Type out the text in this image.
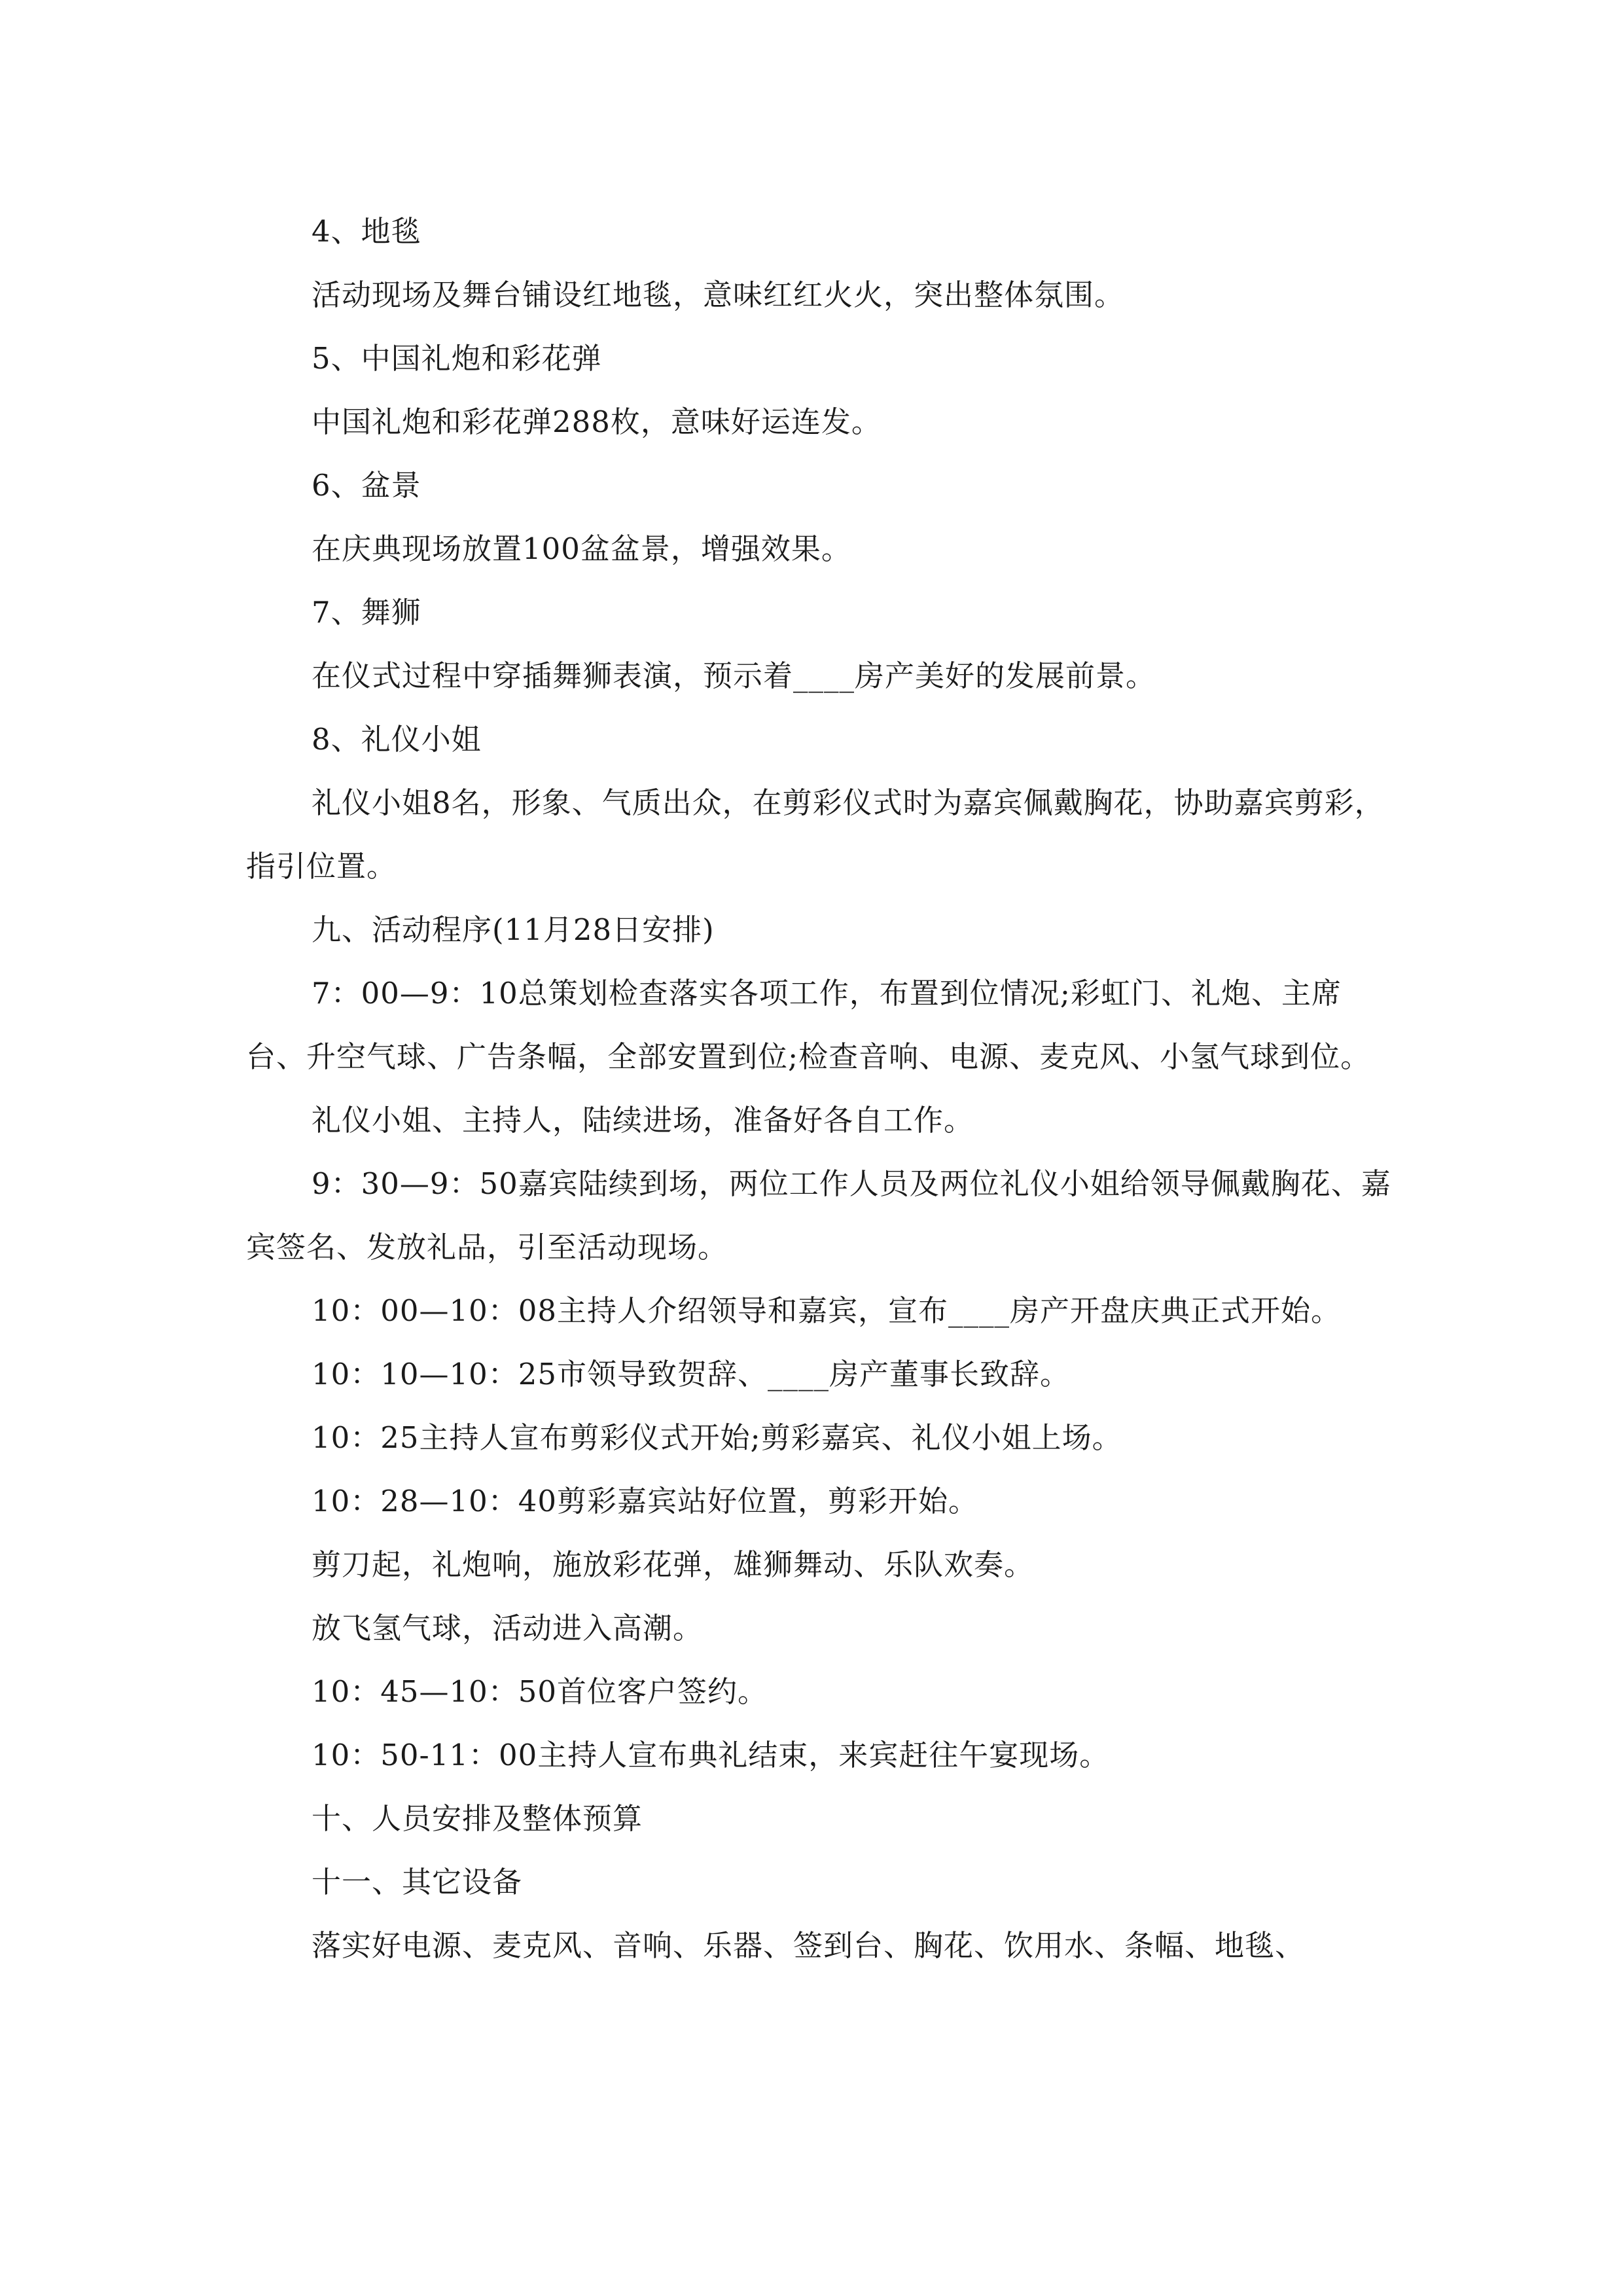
4、地毯

活动现场及舞台铺设红地毯，意味红红火火，突出整体氛围。

5、中国礼炮和彩花弹

中国礼炮和彩花弹288枚，意味好运连发。

6、盆景

在庆典现场放置100盆盆景，增强效果。

7、舞狮

在仪式过程中穿插舞狮表演，预示着____房产美好的发展前景。

8、礼仪小姐

礼仪小姐8名，形象、气质出众，在剪彩仪式时为嘉宾佩戴胸花，协助嘉宾剪彩，指引位置。

九、活动程序(11月28日安排)

7：00—9：10总策划检查落实各项工作，布置到位情况;彩虹门、礼炮、主席台、升空气球、广告条幅，全部安置到位;检查音响、电源、麦克风、小氢气球到位。

礼仪小姐、主持人，陆续进场，准备好各自工作。

9：30—9：50嘉宾陆续到场，两位工作人员及两位礼仪小姐给领导佩戴胸花、嘉宾签名、发放礼品，引至活动现场。

10：00—10：08主持人介绍领导和嘉宾，宣布____房产开盘庆典正式开始。

10：10—10：25市领导致贺辞、____房产董事长致辞。

10：25主持人宣布剪彩仪式开始;剪彩嘉宾、礼仪小姐上场。

10：28—10：40剪彩嘉宾站好位置，剪彩开始。

剪刀起，礼炮响，施放彩花弹，雄狮舞动、乐队欢奏。

放飞氢气球，活动进入高潮。

10：45—10：50首位客户签约。

10：50-11：00主持人宣布典礼结束，来宾赶往午宴现场。

十、人员安排及整体预算

十一、其它设备

落实好电源、麦克风、音响、乐器、签到台、胸花、饮用水、条幅、地毯、
